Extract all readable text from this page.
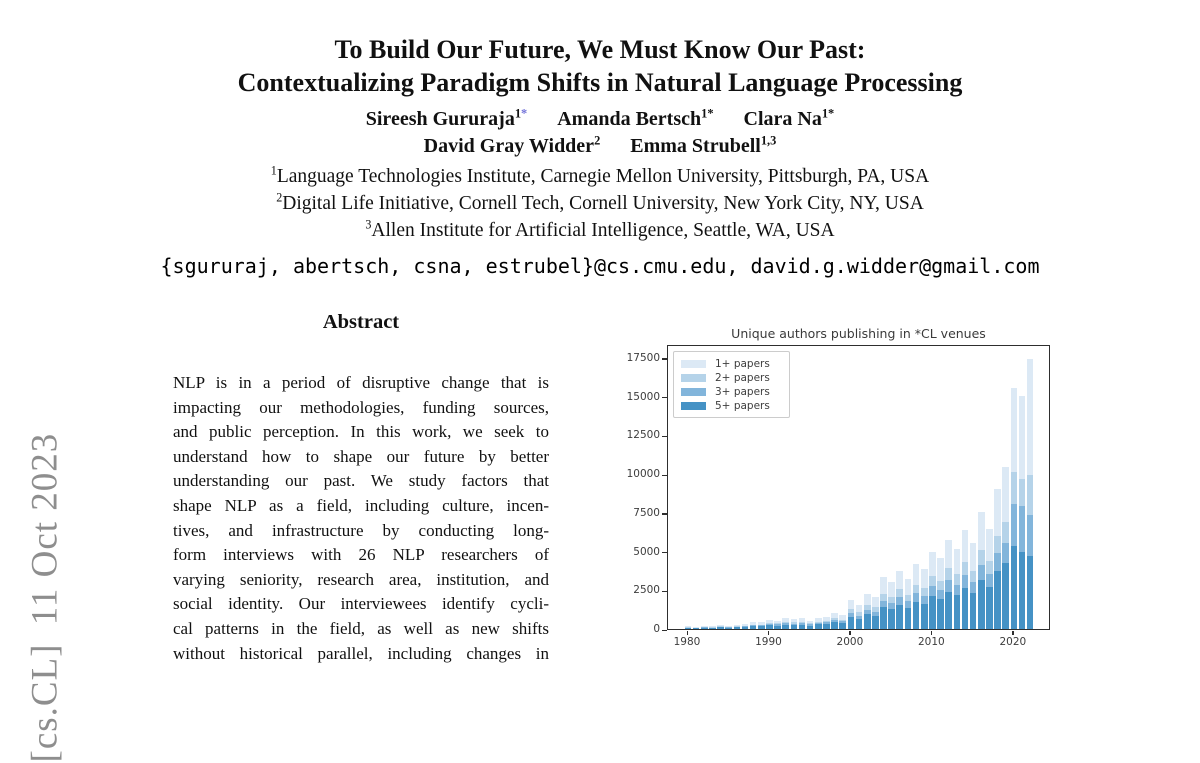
11 Oct 2023
[cs.CL]
To Build Our Future, We Must Know Our Past:
Contextualizing Paradigm Shifts in Natural Language Processing
Sireesh Gururaja$^{1*}$ Amanda Bertsch$^{1*}$ Clara $Na^{1*}$
David Gray Widder$^2$ Emma Strubell$^{1,3}$
$^1$Language Technologies Institute, Carnegie Mellon University, Pittsburgh, PA, USA
$^2$Digital Life Initiative, Cornell Tech, Cornell University, New York City, NY, USA
$^3$Allen Institute for Artificial Intelligence, Seattle, WA, USA
{sgururaj, abertsch, csna, estrubel}@cs.cmu.edu, david.g.widder@gmail.com
Abstract
NLP is in a period of disruptive change that is
impacting our methodologies, funding sources,
and public perception. In this work, we seek to
understand how to shape our future by better
understanding our past. We study factors that
shape NLP as a field, including culture, incen-
tives, and infrastructure by conducting long-
form interviews with 26 NLP researchers of
varying seniority, research area, institution, and
social identity. Our interviewees identify cycli-
cal patterns in the field, as well as new shifts
without historical parallel, including changes in
Unique authors publishing in *CL venues
0
2500
5000
7500
10000
12500
15000
17500
1980	1990	2000	2010	2020
1+ papers
2+ papers
3+ papers
5+ papers
